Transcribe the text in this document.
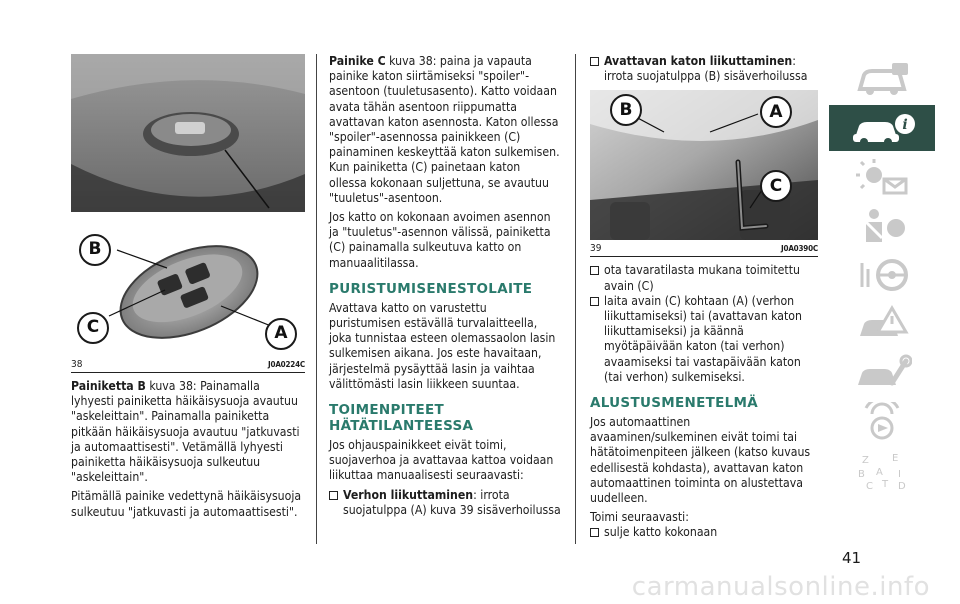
B
C	A
38	J0A0224C

Painiketta B kuva 38: Painamalla lyhyesti painiketta häikäisysuoja avautuu "askeleittain". Painamalla painiketta pitkään häikäisysuoja avautuu "jatkuvasti ja automaattisesti". Vetämällä lyhyesti painiketta häikäisysuoja sulkeutuu "askeleittain".

Pitämällä painike vedettynä häikäisysuoja sulkeutuu "jatkuvasti ja automaattisesti".

Painike C kuva 38: paina ja vapauta painike katon siirtämiseksi "spoiler"-asentoon (tuuletusasento). Katto voidaan avata tähän asentoon riippumatta avattavan katon asennosta. Katon ollessa "spoiler"-asennossa painikkeen (C) painaminen keskeyttää katon sulkemisen. Kun painiketta (C) painetaan katon ollessa kokonaan suljettuna, se avautuu "tuuletus"-asentoon.

Jos katto on kokonaan avoimen asennon ja "tuuletus"-asennon välissä, painiketta (C) painamalla sulkeutuva katto on manuaalitilassa.

PURISTUMISENESTOLAITE

Avattava katto on varustettu puristumisen estävällä turvalaitteella, joka tunnistaa esteen olemassaolon lasin sulkemisen aikana. Jos este havaitaan, järjestelmä pysäyttää lasin ja vaihtaa välittömästi lasin liikkeen suuntaa.

TOIMENPITEET
HÄTÄTILANTEESSA

Jos ohjauspainikkeet eivät toimi, suojaverhoa ja avattavaa kattoa voidaan liikuttaa manuaalisesti seuraavasti:

Verhon liikuttaminen: irrota suojatulppa (A) kuva 39 sisäverhoilussa

Avattavan katon liikuttaminen: irrota suojatulppa (B) sisäverhoilussa

B	A
C
39	J0A0390C

ota tavaratilasta mukana toimitettu avain (C)

laita avain (C) kohtaan (A) (verhon liikuttamiseksi) tai (avattavan katon liikuttamiseksi) ja käännä myötäpäivään katon (tai verhon) avaamiseksi tai vastapäivään katon (tai verhon) sulkemiseksi.

ALUSTUSMENETELMÄ

Jos automaattinen avaaminen/sulkeminen eivät toimi tai hätätoimenpiteen jälkeen (katso kuvaus edellisestä kohdasta), avattavan katon automaattinen toiminta on alustettava uudelleen.

Toimi seuraavasti:

sulje katto kokonaan

i
Z E
B A I
C T D
41
carmanualsonline.info
